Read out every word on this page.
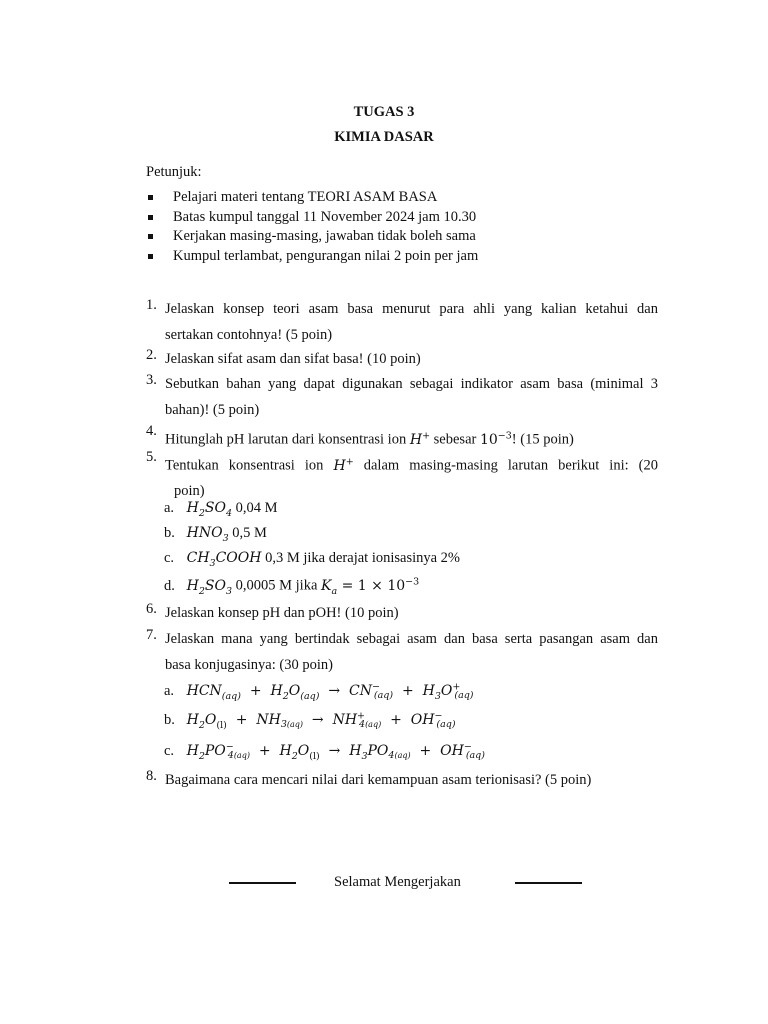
TUGAS 3
KIMIA DASAR
Petunjuk:
Pelajari materi tentang TEORI ASAM BASA
Batas kumpul tanggal 11 November 2024 jam 10.30
Kerjakan masing-masing, jawaban tidak boleh sama
Kumpul terlambat, pengurangan nilai 2 poin per jam
1. Jelaskan konsep teori asam basa menurut para ahli yang kalian ketahui dan
sertakan contohnya! (5 poin)
2. Jelaskan sifat asam dan sifat basa! (10 poin)
3. Sebutkan bahan yang dapat digunakan sebagai indikator asam basa (minimal 3
bahan)! (5 poin)
4.
Hitunglah pH larutan dari konsentrasi ion H+ sebesar $10^{-3}$! (15 poin)
5.
Tentukan konsentrasi ion H+ dalam masing-masing larutan berikut ini: (20
poin)
a. $H_2SO_4$ 0,04 M
b. $HNO_3$ 0,5 M
c. $CH_3COOH$ 0,3 M jika derajat ionisasinya 2%
d. $H_2SO_3$ 0,0005 M jika $K_a = 1 \times 10^{-3}$
6. Jelaskan konsep pH dan pOH! (10 poin)
7. Jelaskan mana yang bertindak sebagai asam dan basa serta pasangan asam dan
basa konjugasinya: (30 poin)
a. $HCN_{(aq)} + H_2O_{(aq)} \to CN^-_{(aq)} + H_3O^+_{(aq)}$
b. $H_2O_{(l)} + NH_{3(aq)} \to NH^+_{4(aq)} + OH^-_{(aq)}$
c. $H_2PO^-_{4(aq)} + H_2O_{(l)} \to H_3PO_{4(aq)} + OH^-_{(aq)}$
8. Bagaimana cara mencari nilai dari kemampuan asam terionisasi? (5 poin)
Selamat Mengerjakan
